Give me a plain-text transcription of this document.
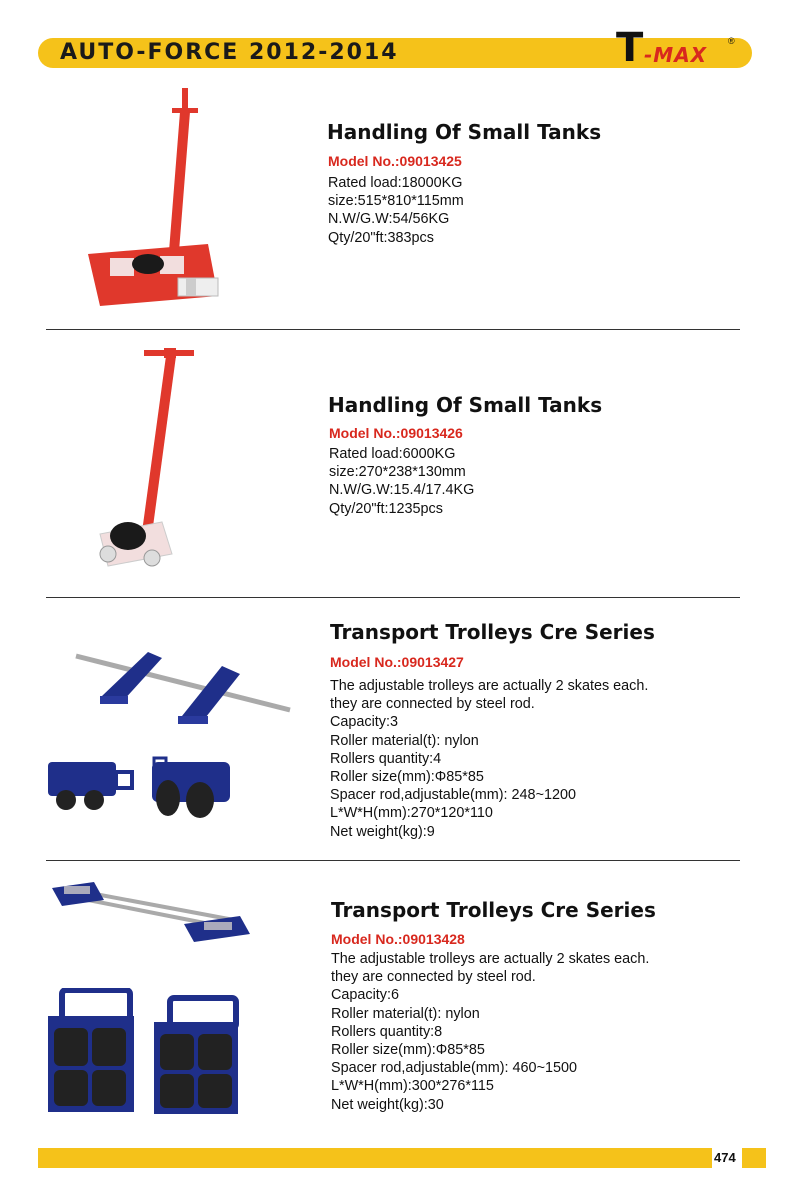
AUTO-FORCE 2012-2014	T -MAX
®
Handling Of Small Tanks
Model No.:09013425
Rated load:18000KG
size:515*810*115mm
N.W/G.W:54/56KG
Qty/20"ft:383pcs
Handling Of Small Tanks
Model No.:09013426
Rated load:6000KG
size:270*238*130mm
N.W/G.W:15.4/17.4KG
Qty/20"ft:1235pcs
Transport Trolleys Cre Series
Model No.:09013427
The adjustable trolleys are actually 2 skates each.
they are connected by steel rod.
Capacity:3
Roller material(t): nylon
Rollers quantity:4
Roller size(mm):Φ85*85
Spacer rod,adjustable(mm): 248~1200
L*W*H(mm):270*120*110
Net weight(kg):9
Transport Trolleys Cre Series
Model No.:09013428
The adjustable trolleys are actually 2 skates each.
they are connected by steel rod.
Capacity:6
Roller material(t): nylon
Rollers quantity:8
Roller size(mm):Φ85*85
Spacer rod,adjustable(mm): 460~1500
L*W*H(mm):300*276*115
Net weight(kg):30
474
